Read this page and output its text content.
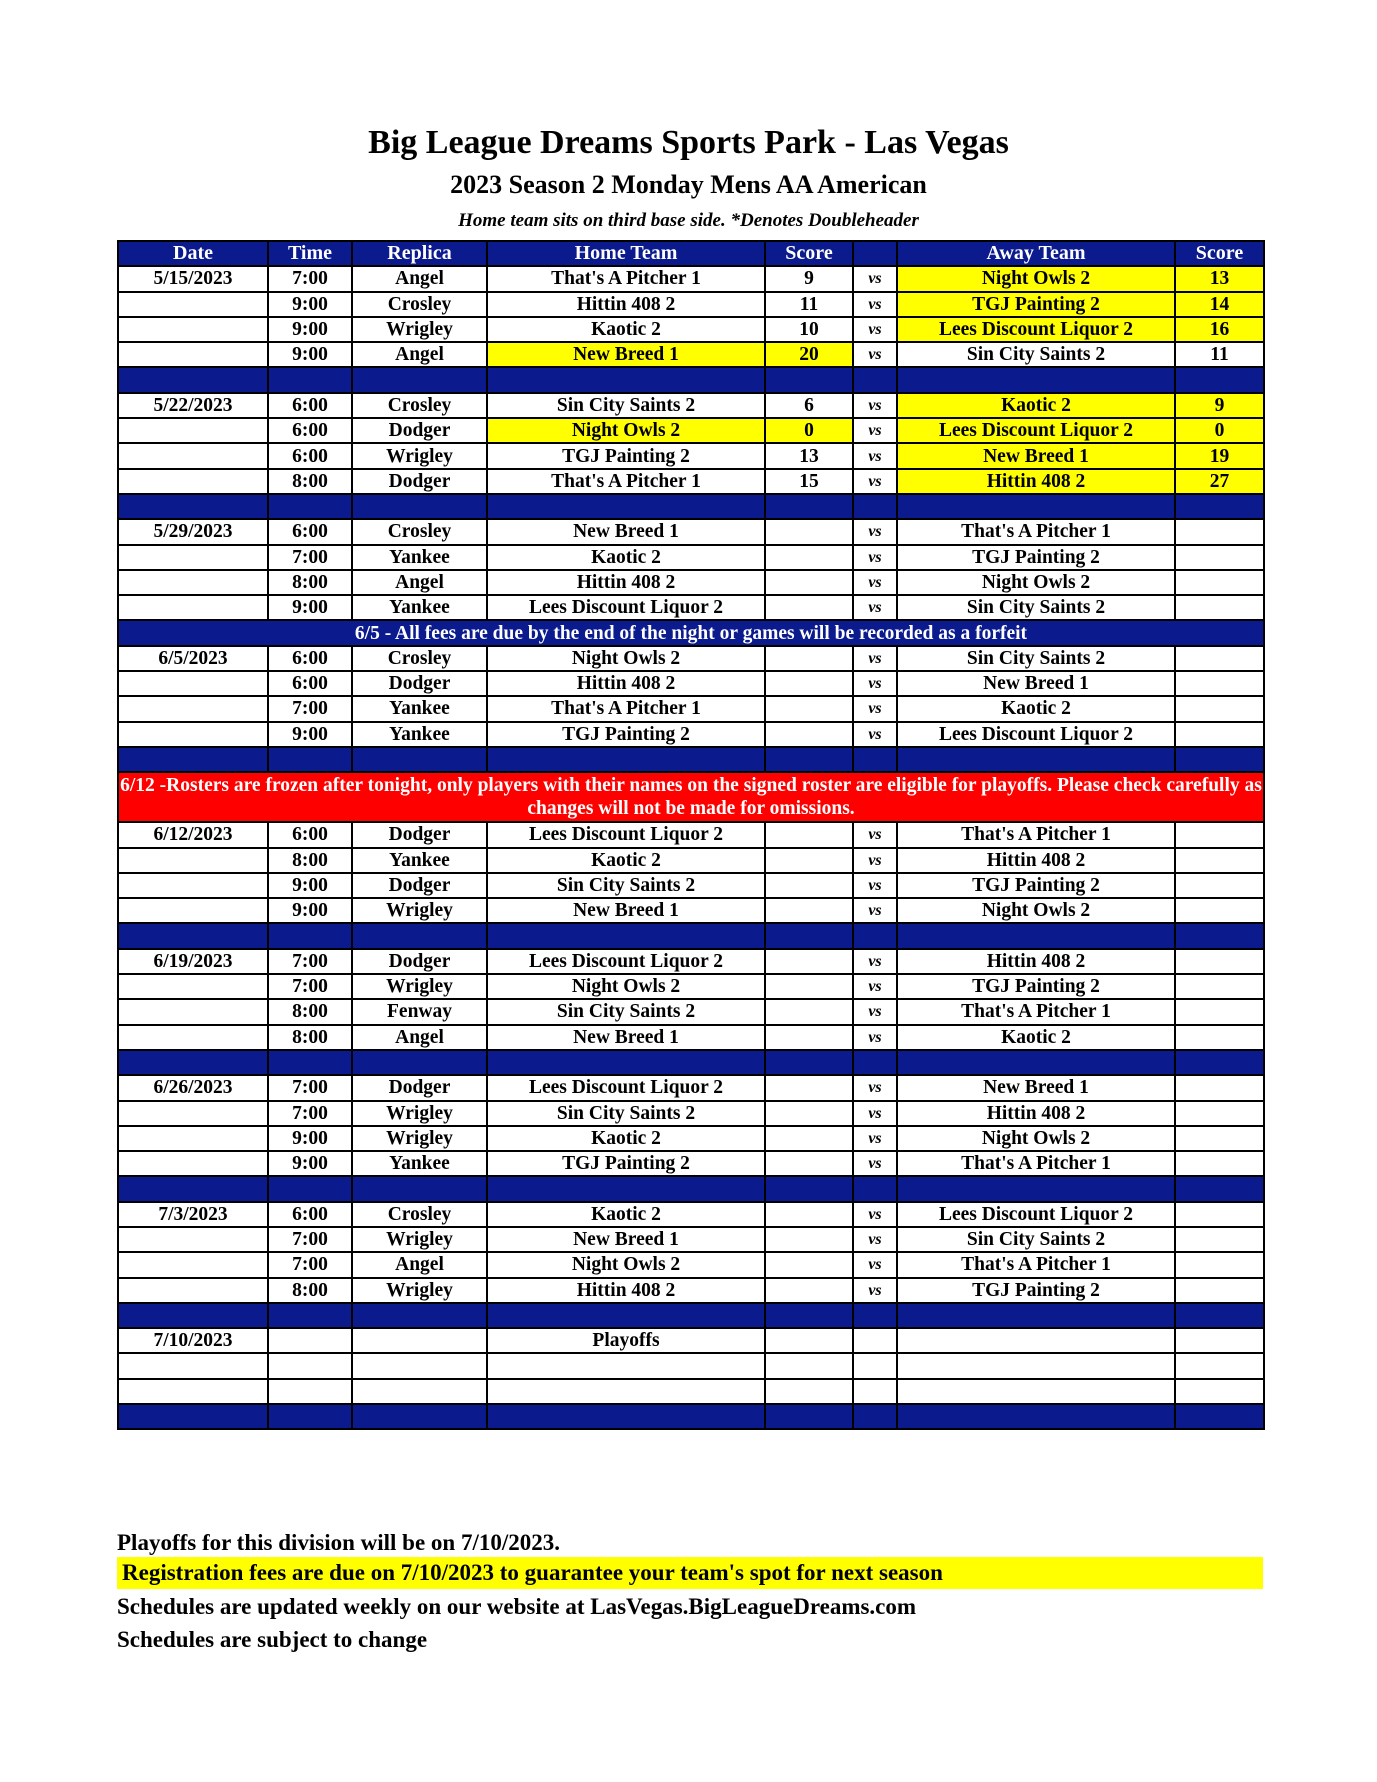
Big League Dreams Sports Park - Las Vegas
2023 Season 2 Monday Mens AA American
Home team sits on third base side. *Denotes Doubleheader
Date	Time	Replica	Home Team	Score		Away Team	Score
5/15/2023	7:00	Angel	That's A Pitcher 1	9	vs	Night Owls 2	13
	9:00	Crosley	Hittin 408 2	11	vs	TGJ Painting 2	14
	9:00	Wrigley	Kaotic 2	10	vs	Lees Discount Liquor 2	16
	9:00	Angel	New Breed 1	20	vs	Sin City Saints 2	11

5/22/2023	6:00	Crosley	Sin City Saints 2	6	vs	Kaotic 2	9
	6:00	Dodger	Night Owls 2	0	vs	Lees Discount Liquor 2	0
	6:00	Wrigley	TGJ Painting 2	13	vs	New Breed 1	19
	8:00	Dodger	That's A Pitcher 1	15	vs	Hittin 408 2	27

5/29/2023	6:00	Crosley	New Breed 1		vs	That's A Pitcher 1	
	7:00	Yankee	Kaotic 2		vs	TGJ Painting 2	
	8:00	Angel	Hittin 408 2		vs	Night Owls 2	
	9:00	Yankee	Lees Discount Liquor 2		vs	Sin City Saints 2	
6/5 - All fees are due by the end of the night or games will be recorded as a forfeit							
6/5/2023	6:00	Crosley	Night Owls 2		vs	Sin City Saints 2	
	6:00	Dodger	Hittin 408 2		vs	New Breed 1	
	7:00	Yankee	That's A Pitcher 1		vs	Kaotic 2	
	9:00	Yankee	TGJ Painting 2		vs	Lees Discount Liquor 2	

6/12 -Rosters are frozen after tonight, only players with their names on the signed roster are eligible for playoffs. Please check carefully as changes will not be made for omissions.							
6/12/2023	6:00	Dodger	Lees Discount Liquor 2		vs	That's A Pitcher 1	
	8:00	Yankee	Kaotic 2		vs	Hittin 408 2	
	9:00	Dodger	Sin City Saints 2		vs	TGJ Painting 2	
	9:00	Wrigley	New Breed 1		vs	Night Owls 2	

6/19/2023	7:00	Dodger	Lees Discount Liquor 2		vs	Hittin 408 2	
	7:00	Wrigley	Night Owls 2		vs	TGJ Painting 2	
	8:00	Fenway	Sin City Saints 2		vs	That's A Pitcher 1	
	8:00	Angel	New Breed 1		vs	Kaotic 2	

6/26/2023	7:00	Dodger	Lees Discount Liquor 2		vs	New Breed 1	
	7:00	Wrigley	Sin City Saints 2		vs	Hittin 408 2	
	9:00	Wrigley	Kaotic 2		vs	Night Owls 2	
	9:00	Yankee	TGJ Painting 2		vs	That's A Pitcher 1	

7/3/2023	6:00	Crosley	Kaotic 2		vs	Lees Discount Liquor 2	
	7:00	Wrigley	New Breed 1		vs	Sin City Saints 2	
	7:00	Angel	Night Owls 2		vs	That's A Pitcher 1	
	8:00	Wrigley	Hittin 408 2		vs	TGJ Painting 2	

7/10/2023			Playoffs				

Playoffs for this division will be on 7/10/2023.
Registration fees are due on 7/10/2023 to guarantee your team's spot for next season
Schedules are updated weekly on our website at LasVegas.BigLeagueDreams.com
Schedules are subject to change
